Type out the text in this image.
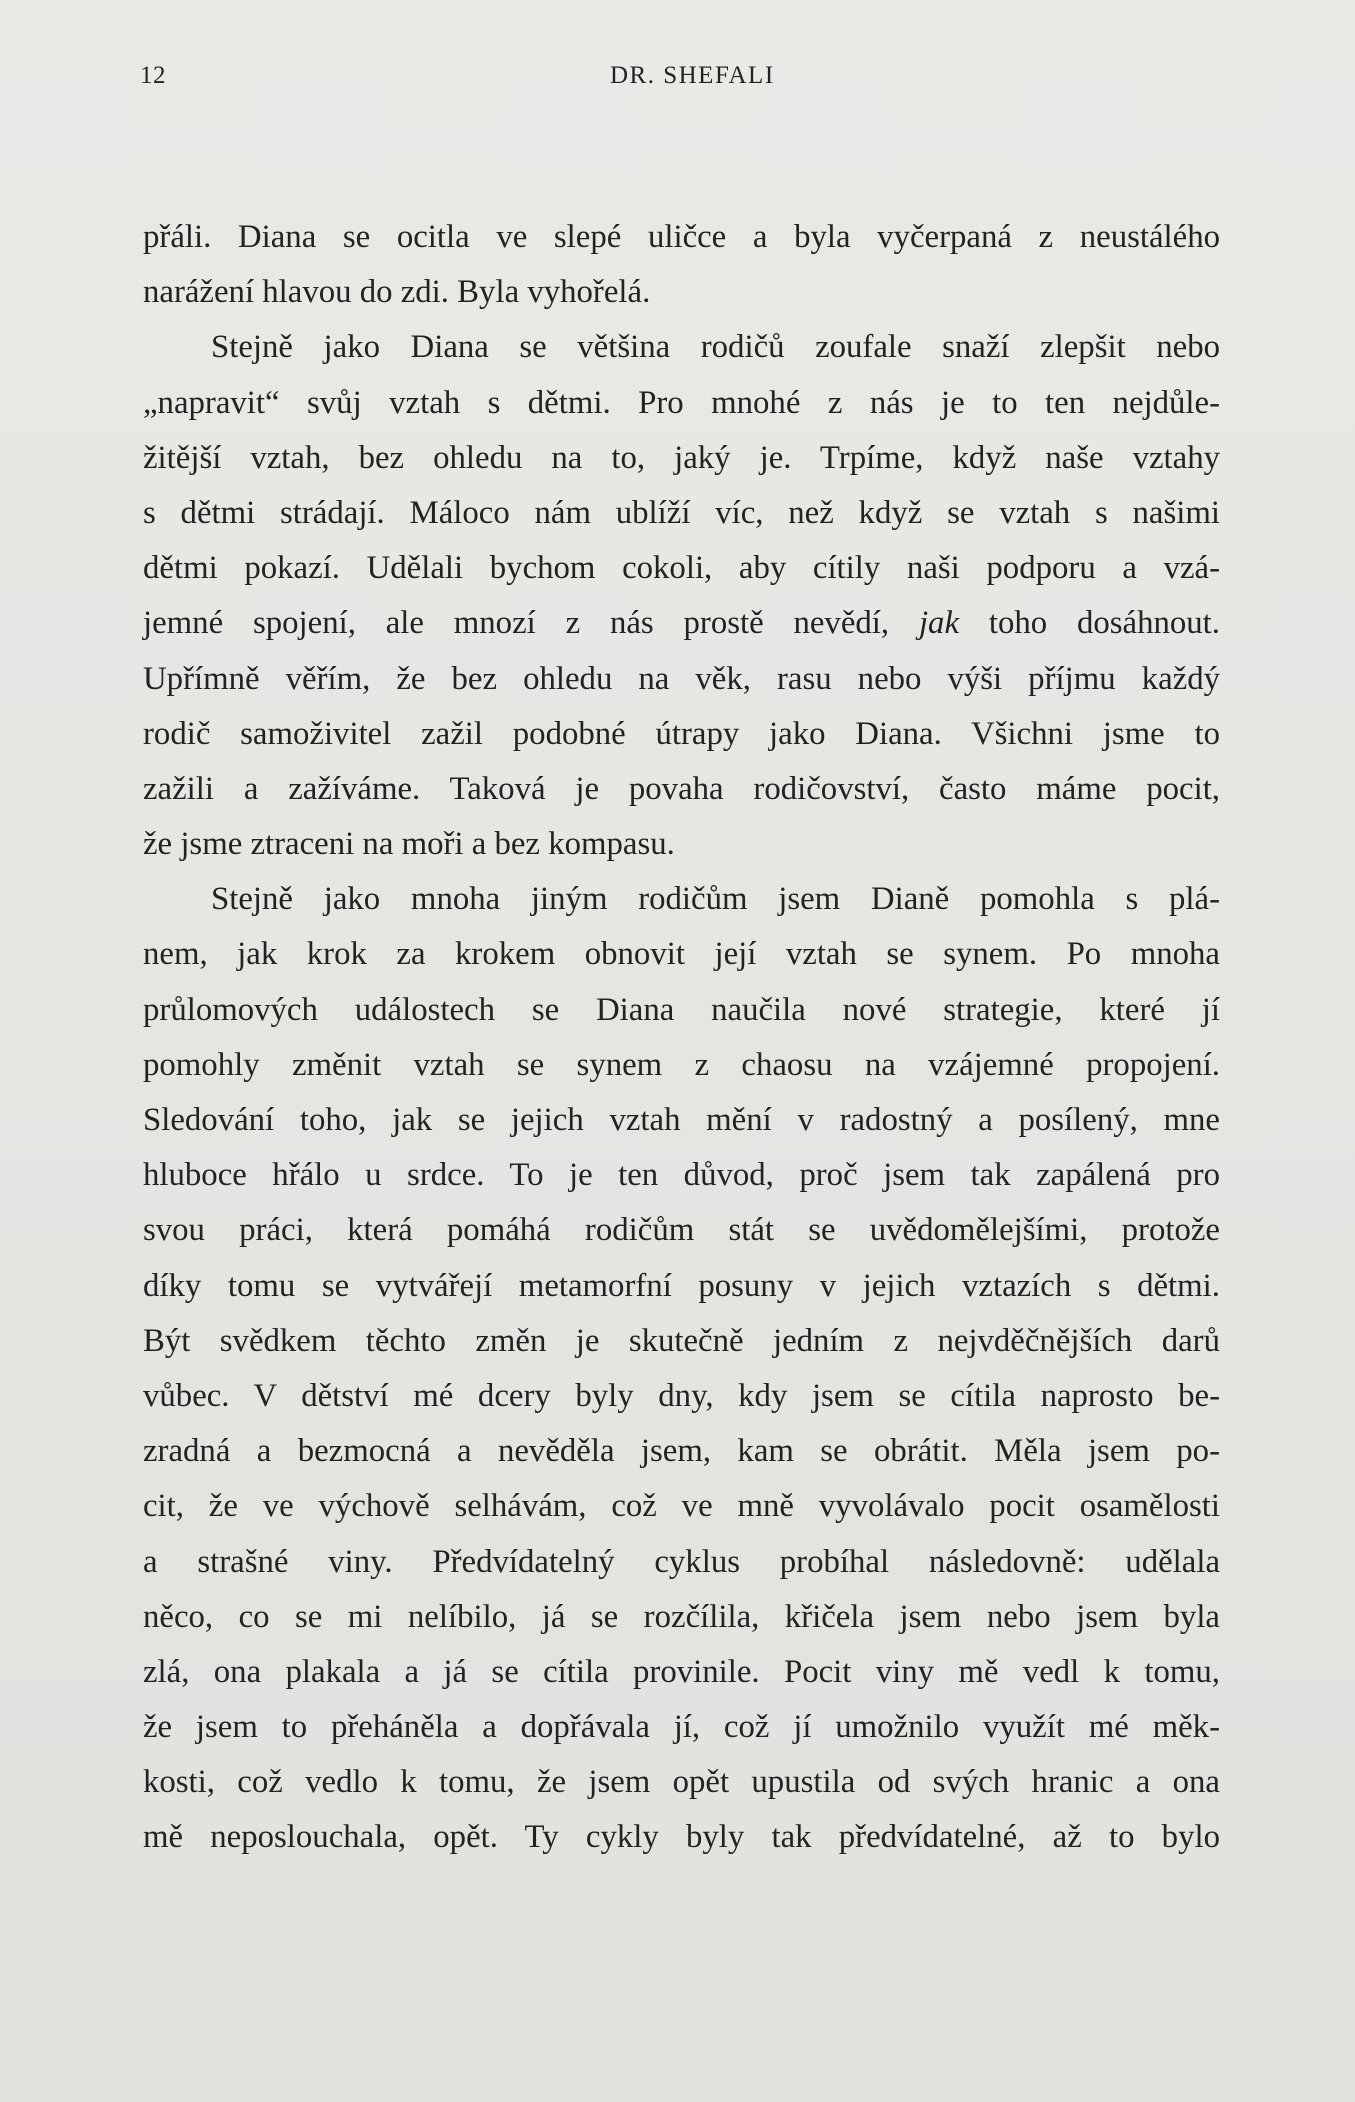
12	DR. SHEFALI
přáli. Diana se ocitla ve slepé uličce a byla vyčerpaná z neustálého
narážení hlavou do zdi. Byla vyhořelá.
Stejně jako Diana se většina rodičů zoufale snaží zlepšit nebo
„napravit“ svůj vztah s dětmi. Pro mnohé z nás je to ten nejdůle-
žitější vztah, bez ohledu na to, jaký je. Trpíme, když naše vztahy
s dětmi strádají. Máloco nám ublíží víc, než když se vztah s našimi
dětmi pokazí. Udělali bychom cokoli, aby cítily naši podporu a vzá-
jemné spojení, ale mnozí z nás prostě nevědí, jak toho dosáhnout.
Upřímně věřím, že bez ohledu na věk, rasu nebo výši příjmu každý
rodič samoživitel zažil podobné útrapy jako Diana. Všichni jsme to
zažili a zažíváme. Taková je povaha rodičovství, často máme pocit,
že jsme ztraceni na moři a bez kompasu.
Stejně jako mnoha jiným rodičům jsem Dianě pomohla s plá-
nem, jak krok za krokem obnovit její vztah se synem. Po mnoha
průlomových událostech se Diana naučila nové strategie, které jí
pomohly změnit vztah se synem z chaosu na vzájemné propojení.
Sledování toho, jak se jejich vztah mění v radostný a posílený, mne
hluboce hřálo u srdce. To je ten důvod, proč jsem tak zapálená pro
svou práci, která pomáhá rodičům stát se uvědomělejšími, protože
díky tomu se vytvářejí metamorfní posuny v jejich vztazích s dětmi.
Být svědkem těchto změn je skutečně jedním z nejvděčnějších darů
vůbec. V dětství mé dcery byly dny, kdy jsem se cítila naprosto be-
zradná a bezmocná a nevěděla jsem, kam se obrátit. Měla jsem po-
cit, že ve výchově selhávám, což ve mně vyvolávalo pocit osamělosti
a strašné viny. Předvídatelný cyklus probíhal následovně: udělala
něco, co se mi nelíbilo, já se rozčílila, křičela jsem nebo jsem byla
zlá, ona plakala a já se cítila provinile. Pocit viny mě vedl k tomu,
že jsem to přeháněla a dopřávala jí, což jí umožnilo využít mé měk-
kosti, což vedlo k tomu, že jsem opět upustila od svých hranic a ona
mě neposlouchala, opět. Ty cykly byly tak předvídatelné, až to bylo
